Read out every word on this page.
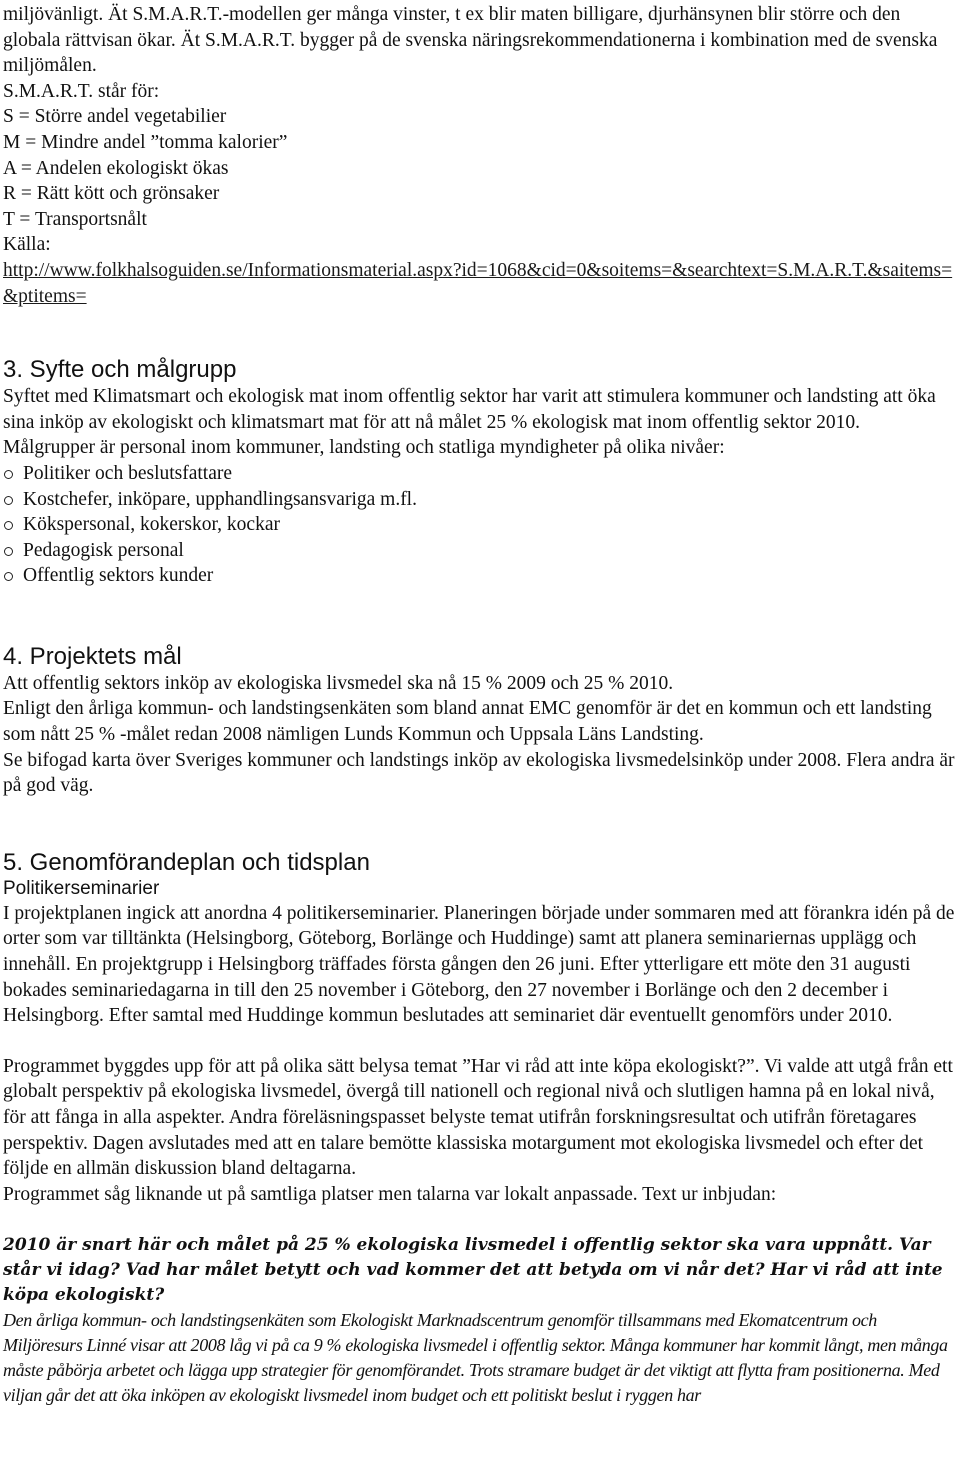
miljövänligt. Ät S.M.A.R.T.-modellen ger många vinster, t ex blir maten billigare, djurhänsynen blir större och den globala rättvisan ökar. Ät S.M.A.R.T. bygger på de svenska näringsrekommendationerna i kombination med de svenska miljömålen.

S.M.A.R.T. står för:

S = Större andel vegetabilier

M = Mindre andel ”tomma kalorier”

A = Andelen ekologiskt ökas

R = Rätt kött och grönsaker

T = Transportsnålt

Källa:

http://www.folkhalsoguiden.se/Informationsmaterial.aspx?id=1068&cid=0&soitems=&searchtext=S.M.A.R.T.&saitems=&ptitems=

3. Syfte och målgrupp

Syftet med Klimatsmart och ekologisk mat inom offentlig sektor har varit att stimulera kommuner och landsting att öka sina inköp av ekologiskt och klimatsmart mat för att nå målet 25 % ekologisk mat inom offentlig sektor 2010.

Målgrupper är personal inom kommuner, landsting och statliga myndigheter på olika nivåer:

Politiker och beslutsfattare
Kostchefer, inköpare, upphandlingsansvariga m.fl.
Kökspersonal, kokerskor, kockar
Pedagogisk personal
Offentlig sektors kunder
4. Projektets mål

Att offentlig sektors inköp av ekologiska livsmedel ska nå 15 % 2009 och 25 % 2010.

Enligt den årliga kommun- och landstingsenkäten som bland annat EMC genomför är det en kommun och ett landsting som nått 25 % -målet redan 2008 nämligen Lunds Kommun och Uppsala Läns Landsting.

Se bifogad karta över Sveriges kommuner och landstings inköp av ekologiska livsmedelsinköp under 2008. Flera andra är på god väg.

5. Genomförandeplan och tidsplan
Politikerseminarier

I projektplanen ingick att anordna 4 politikerseminarier. Planeringen började under sommaren med att förankra idén på de orter som var tilltänkta (Helsingborg, Göteborg, Borlänge och Huddinge) samt att planera seminariernas upplägg och innehåll. En projektgrupp i Helsingborg träffades första gången den 26 juni. Efter ytterligare ett möte den 31 augusti bokades seminariedagarna in till den 25 november i Göteborg, den 27 november i Borlänge och den 2 december i Helsingborg. Efter samtal med Huddinge kommun beslutades att seminariet där eventuellt genomförs under 2010.

Programmet byggdes upp för att på olika sätt belysa temat ”Har vi råd att inte köpa ekologiskt?”. Vi valde att utgå från ett globalt perspektiv på ekologiska livsmedel, övergå till nationell och regional nivå och slutligen hamna på en lokal nivå, för att fånga in alla aspekter. Andra föreläsningspasset belyste temat utifrån forskningsresultat och utifrån företagares perspektiv. Dagen avslutades med att en talare bemötte klassiska motargument mot ekologiska livsmedel och efter det följde en allmän diskussion bland deltagarna.

Programmet såg liknande ut på samtliga platser men talarna var lokalt anpassade. Text ur inbjudan:

2010 är snart här och målet på 25 % ekologiska livsmedel i offentlig sektor ska vara uppnått. Var står vi idag? Vad har målet betytt och vad kommer det att betyda om vi når det? Har vi råd att inte köpa ekologiskt?

Den årliga kommun- och landstingsenkäten som Ekologiskt Marknadscentrum genomför tillsammans med Ekomatcentrum och Miljöresurs Linné visar att 2008 låg vi på ca 9 % ekologiska livsmedel i offentlig sektor. Många kommuner har kommit långt, men många måste påbörja arbetet och lägga upp strategier för genomförandet. Trots stramare budget är det viktigt att flytta fram positionerna. Med viljan går det att öka inköpen av ekologiskt livsmedel inom budget och ett politiskt beslut i ryggen har
